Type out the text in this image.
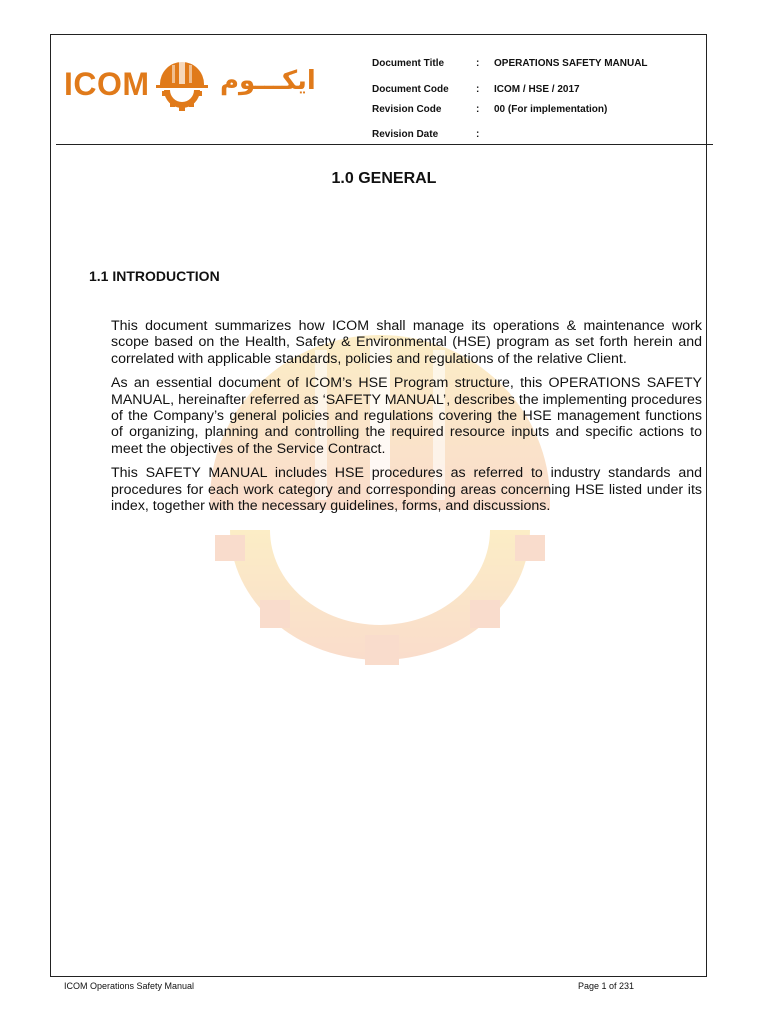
ICOM	ايكـــوم
Document Title	: OPERATIONS SAFETY MANUAL
Document Code	: ICOM / HSE / 2017
Revision Code	: 00 (For implementation)
Revision Date	:
1.0 GENERAL
1.1 INTRODUCTION

This document summarizes how ICOM shall manage its operations & maintenance work scope based on the Health, Safety & Environmental (HSE) program as set forth herein and correlated with applicable standards, policies and regulations of the relative Client.

As an essential document of ICOM’s HSE Program structure, this OPERATIONS SAFETY MANUAL, hereinafter referred as ‘SAFETY MANUAL’, describes the implementing procedures of the Company’s general policies and regulations covering the HSE management functions of organizing, planning and controlling the required resource inputs and specific actions to meet the objectives of the Service Contract.

This SAFETY MANUAL includes HSE procedures as referred to industry standards and procedures for each work category and corresponding areas concerning HSE listed under its index, together with the necessary guidelines, forms, and discussions.

ICOM Operations Safety Manual	Page 1 of 231
